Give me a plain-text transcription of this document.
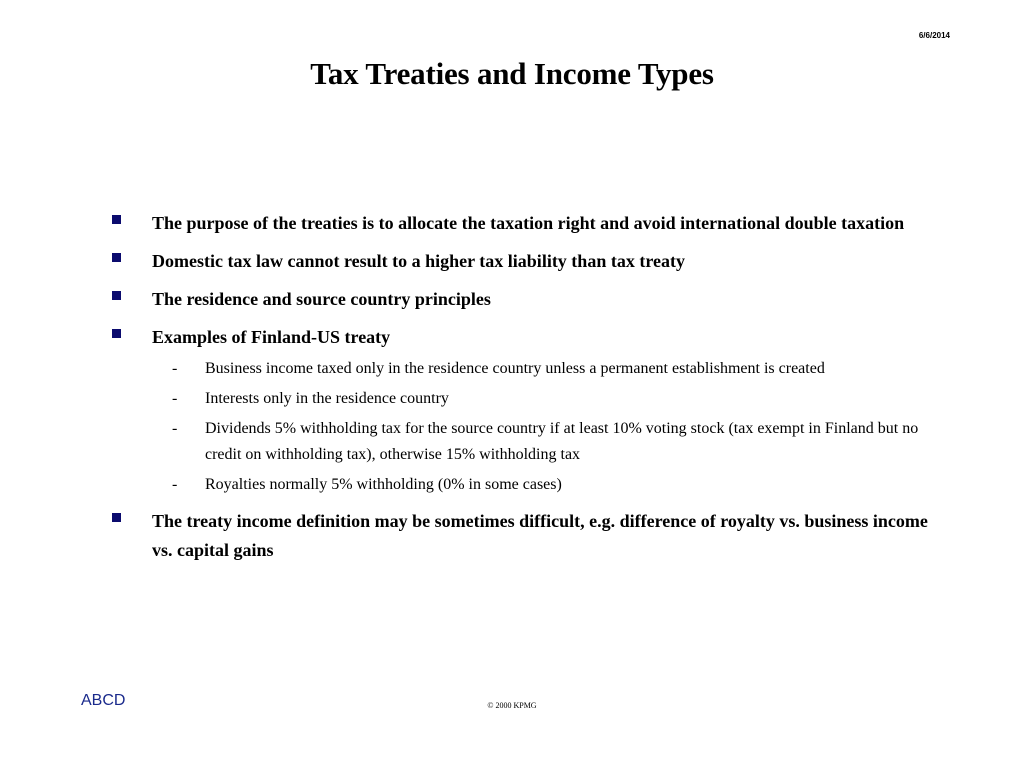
6/6/2014
Tax Treaties and Income Types
The purpose of the treaties is to allocate the taxation right and avoid international double taxation
Domestic tax law cannot result to a higher tax liability than tax treaty
The residence and source country principles
Examples of Finland-US treaty
- Business income taxed only in the residence country unless a permanent establishment is created
- Interests only in the residence country
- Dividends 5% withholding tax for the source country if at least 10% voting stock (tax exempt in Finland but no credit on withholding tax), otherwise 15% withholding tax
- Royalties normally 5% withholding (0% in some cases)
The treaty income definition may be sometimes difficult, e.g. difference of royalty vs. business income vs. capital gains
ABCD	© 2000 KPMG
